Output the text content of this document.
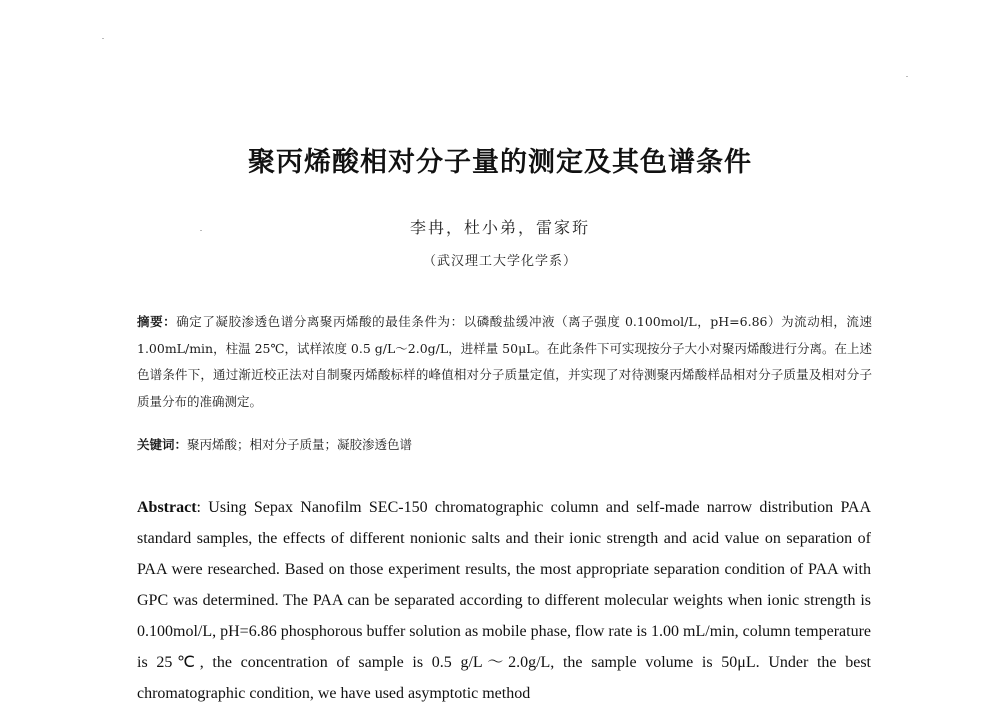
聚丙烯酸相对分子量的测定及其色谱条件
李冉，杜小弟，雷家珩
（武汉理工大学化学系）
摘要：确定了凝胶渗透色谱分离聚丙烯酸的最佳条件为：以磷酸盐缓冲液（离子强度 0.100mol/L，pH=6.86）为流动相，流速 1.00mL/min，柱温 25℃，试样浓度 0.5 g/L～2.0g/L，进样量 50μL。在此条件下可实现按分子大小对聚丙烯酸进行分离。在上述色谱条件下，通过渐近校正法对自制聚丙烯酸标样的峰值相对分子质量定值，并实现了对待测聚丙烯酸样品相对分子质量及相对分子质量分布的准确测定。
关键词：聚丙烯酸；相对分子质量；凝胶渗透色谱
Abstract: Using Sepax Nanofilm SEC-150 chromatographic column and self-made narrow distribution PAA standard samples, the effects of different nonionic salts and their ionic strength and acid value on separation of PAA were researched. Based on those experiment results, the most appropriate separation condition of PAA with GPC was determined. The PAA can be separated according to different molecular weights when ionic strength is 0.100mol/L, pH=6.86 phosphorous buffer solution as mobile phase, flow rate is 1.00 mL/min, column temperature is 25℃, the concentration of sample is 0.5 g/L～2.0g/L, the sample volume is 50μL. Under the best chromatographic condition, we have used asymptotic method
